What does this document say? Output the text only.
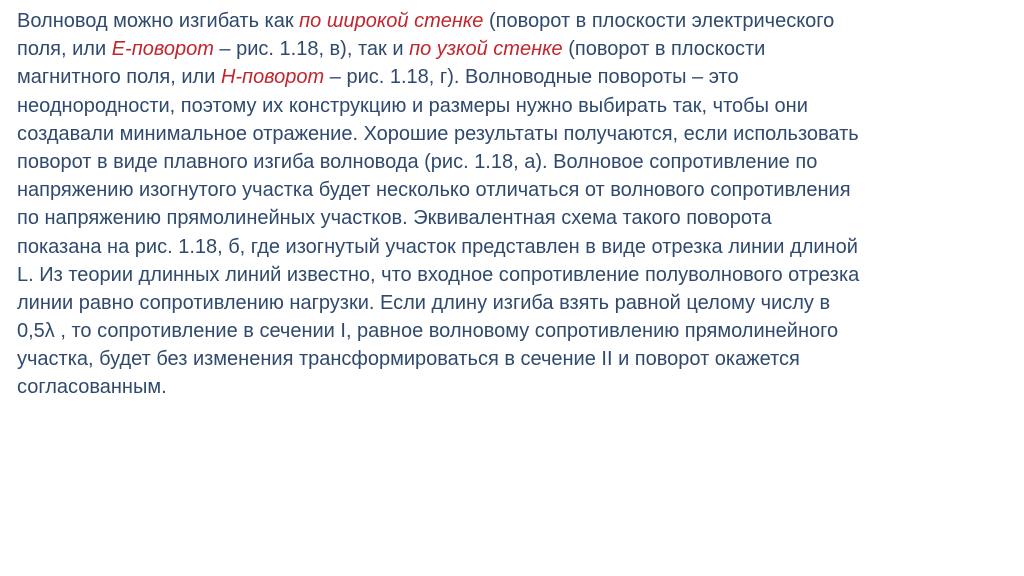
Волновод можно изгибать как по широкой стенке (поворот в плоскости электрического
поля, или E-поворот – рис. 1.18, в), так и по узкой стенке (поворот в плоскости
магнитного поля, или H-поворот – рис. 1.18, г). Волноводные повороты – это
неоднородности, поэтому их конструкцию и размеры нужно выбирать так, чтобы они
создавали минимальное отражение. Хорошие результаты получаются, если использовать
поворот в виде плавного изгиба волновода (рис. 1.18, а). Волновое сопротивление по
напряжению изогнутого участка будет несколько отличаться от волнового сопротивления
по напряжению прямолинейных участков. Эквивалентная схема такого поворота
показана на рис. 1.18, б, где изогнутый участок представлен в виде отрезка линии длиной
L. Из теории длинных линий известно, что входное сопротивление полуволнового отрезка
линии равно сопротивлению нагрузки. Если длину изгиба взять равной целому числу в
0,5λ , то сопротивление в сечении I, равное волновому сопротивлению прямолинейного
участка, будет без изменения трансформироваться в сечение II и поворот окажется
согласованным.
